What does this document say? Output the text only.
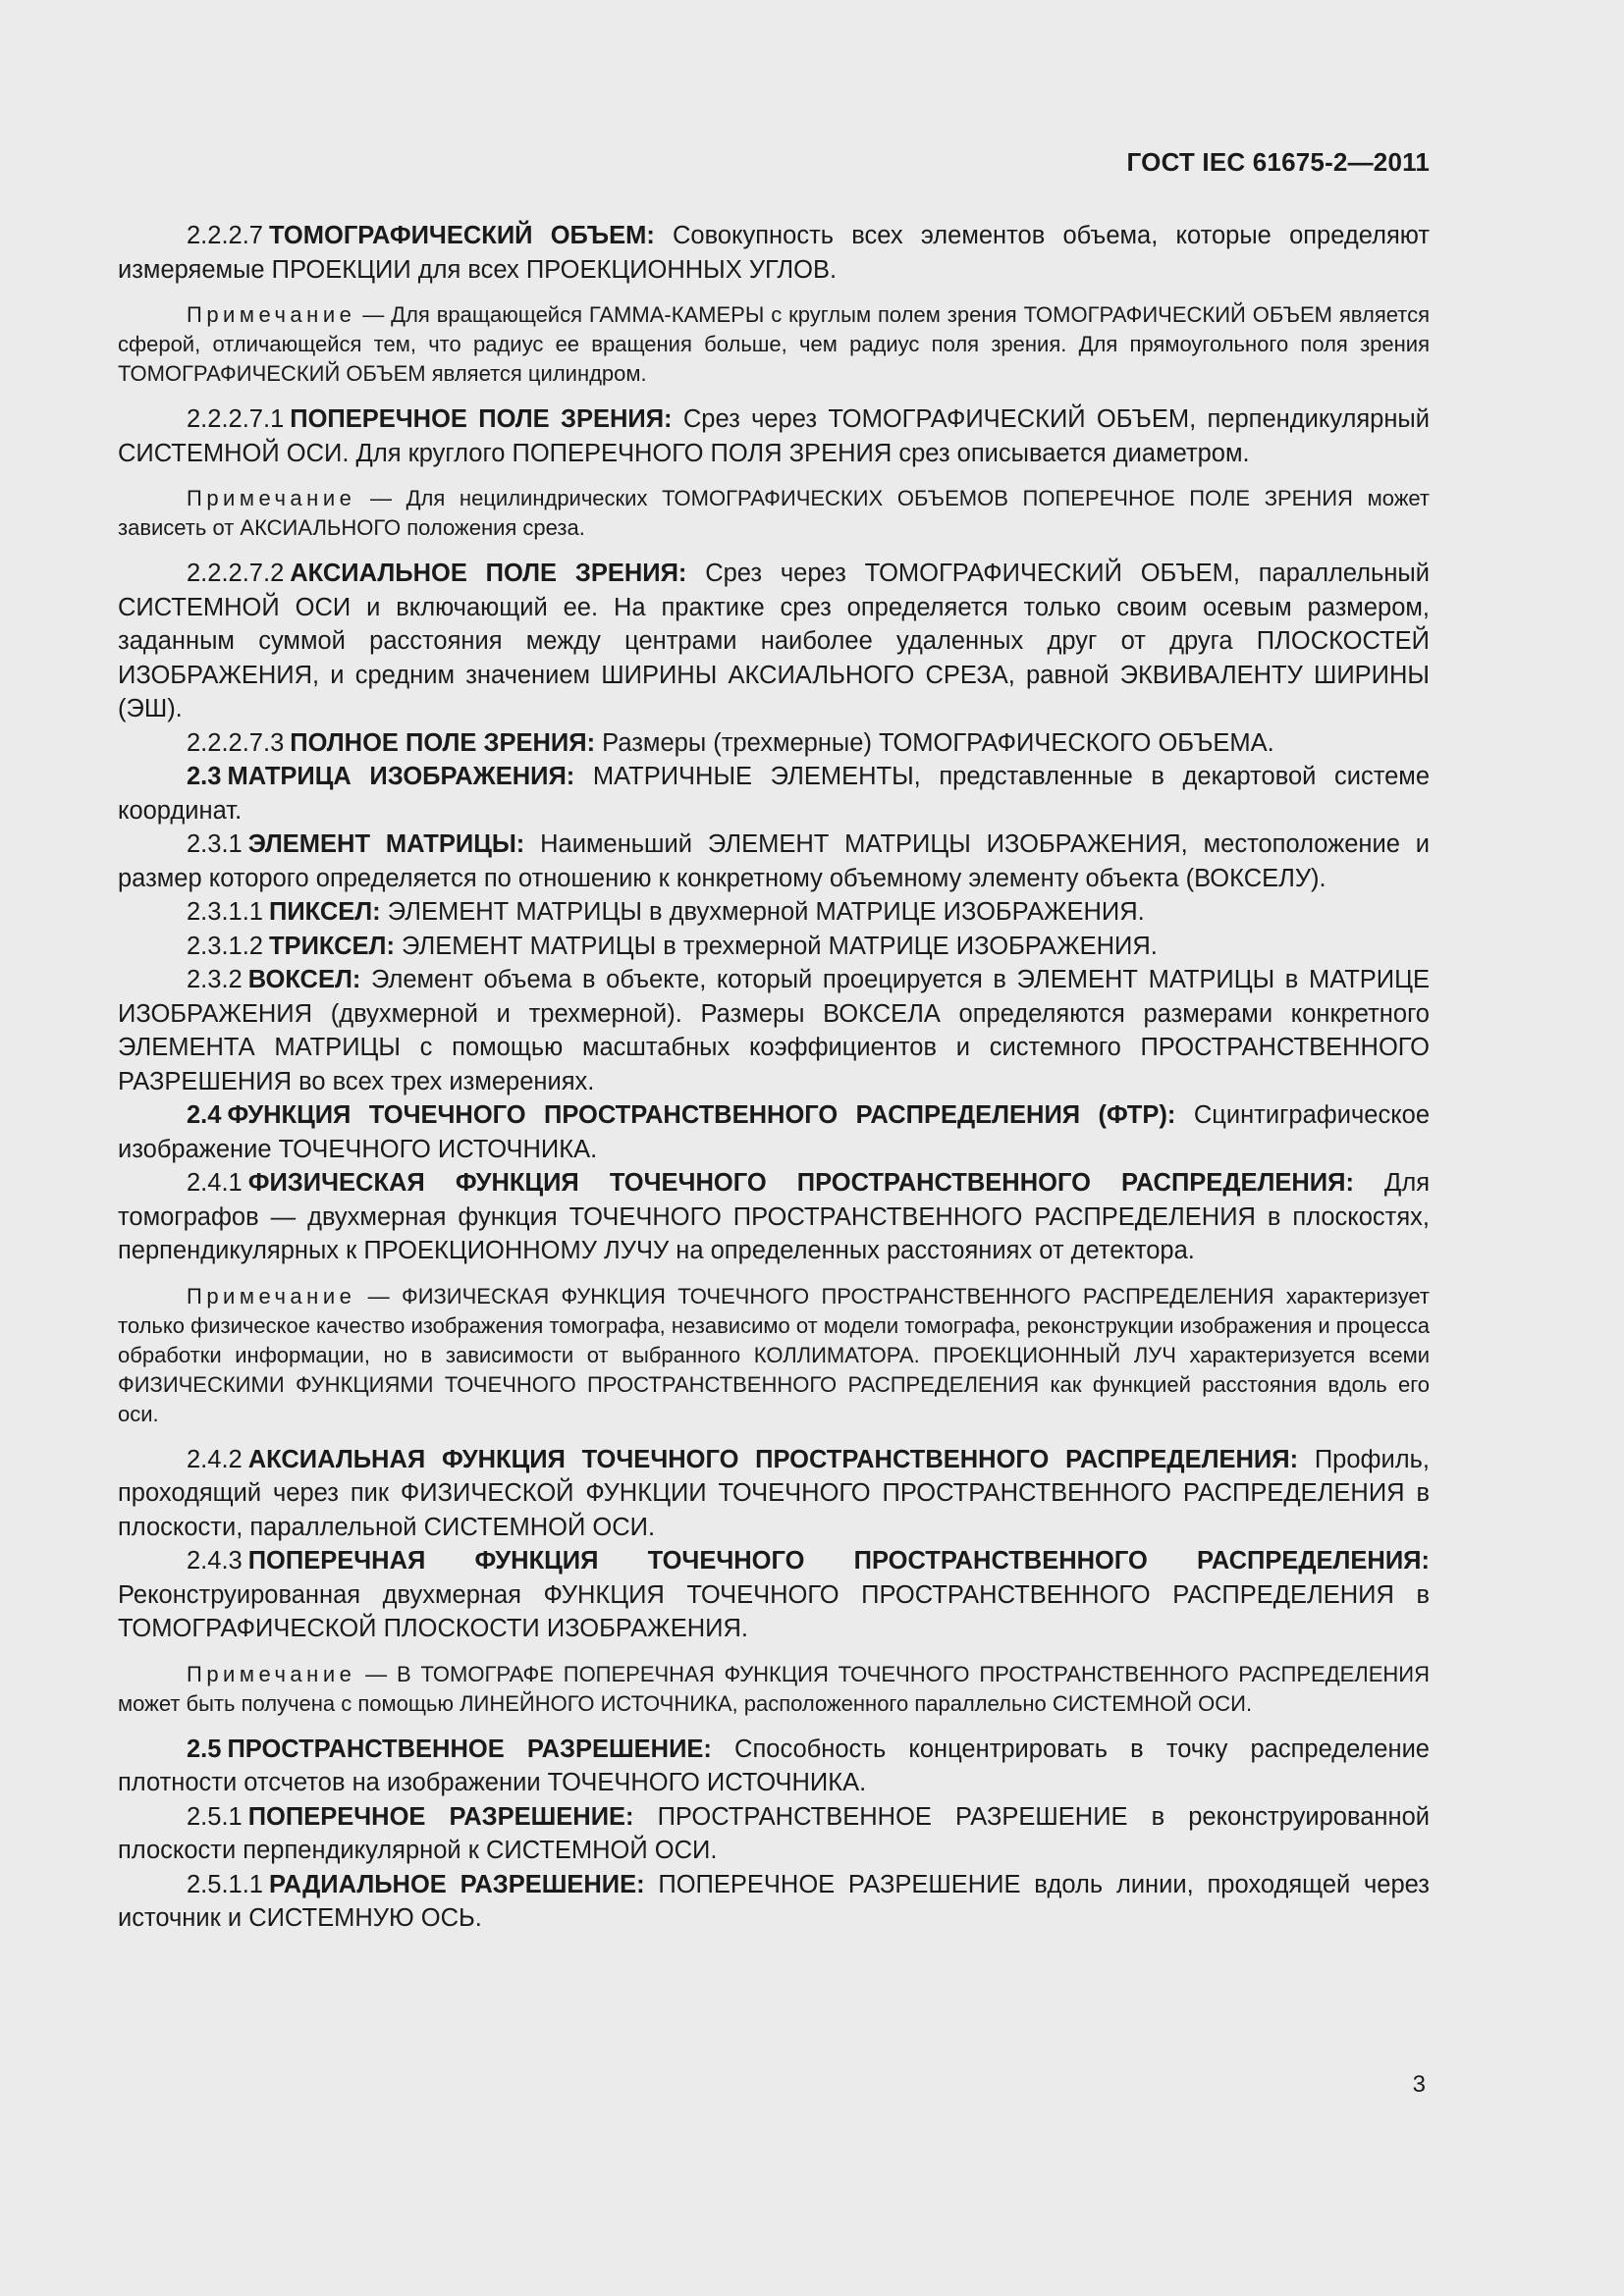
ГОСТ IEC 61675-2—2011

2.2.2.7 ТОМОГРАФИЧЕСКИЙ ОБЪЕМ: Совокупность всех элементов объема, которые определяют измеряемые ПРОЕКЦИИ для всех ПРОЕКЦИОННЫХ УГЛОВ.

Примечание — Для вращающейся ГАММА-КАМЕРЫ с круглым полем зрения ТОМОГРАФИЧЕСКИЙ ОБЪЕМ является сферой, отличающейся тем, что радиус ее вращения больше, чем радиус поля зрения. Для прямоугольного поля зрения ТОМОГРАФИЧЕСКИЙ ОБЪЕМ является цилиндром.

2.2.2.7.1 ПОПЕРЕЧНОЕ ПОЛЕ ЗРЕНИЯ: Срез через ТОМОГРАФИЧЕСКИЙ ОБЪЕМ, перпендикулярный СИСТЕМНОЙ ОСИ. Для круглого ПОПЕРЕЧНОГО ПОЛЯ ЗРЕНИЯ срез описывается диаметром.

Примечание — Для нецилиндрических ТОМОГРАФИЧЕСКИХ ОБЪЕМОВ ПОПЕРЕЧНОЕ ПОЛЕ ЗРЕНИЯ может зависеть от АКСИАЛЬНОГО положения среза.

2.2.2.7.2 АКСИАЛЬНОЕ ПОЛЕ ЗРЕНИЯ: Срез через ТОМОГРАФИЧЕСКИЙ ОБЪЕМ, параллельный СИСТЕМНОЙ ОСИ и включающий ее. На практике срез определяется только своим осевым размером, заданным суммой расстояния между центрами наиболее удаленных друг от друга ПЛОСКОСТЕЙ ИЗОБРАЖЕНИЯ, и средним значением ШИРИНЫ АКСИАЛЬНОГО СРЕЗА, равной ЭКВИВАЛЕНТУ ШИРИНЫ (ЭШ).

2.2.2.7.3 ПОЛНОЕ ПОЛЕ ЗРЕНИЯ: Размеры (трехмерные) ТОМОГРАФИЧЕСКОГО ОБЪЕМА.

2.3 МАТРИЦА ИЗОБРАЖЕНИЯ: МАТРИЧНЫЕ ЭЛЕМЕНТЫ, представленные в декартовой системе координат.

2.3.1 ЭЛЕМЕНТ МАТРИЦЫ: Наименьший ЭЛЕМЕНТ МАТРИЦЫ ИЗОБРАЖЕНИЯ, местоположение и размер которого определяется по отношению к конкретному объемному элементу объекта (ВОКСЕЛУ).

2.3.1.1 ПИКСЕЛ: ЭЛЕМЕНТ МАТРИЦЫ в двухмерной МАТРИЦЕ ИЗОБРАЖЕНИЯ.

2.3.1.2 ТРИКСЕЛ: ЭЛЕМЕНТ МАТРИЦЫ в трехмерной МАТРИЦЕ ИЗОБРАЖЕНИЯ.

2.3.2 ВОКСЕЛ: Элемент объема в объекте, который проецируется в ЭЛЕМЕНТ МАТРИЦЫ в МАТРИЦЕ ИЗОБРАЖЕНИЯ (двухмерной и трехмерной). Размеры ВОКСЕЛА определяются размерами конкретного ЭЛЕМЕНТА МАТРИЦЫ с помощью масштабных коэффициентов и системного ПРОСТРАНСТВЕННОГО РАЗРЕШЕНИЯ во всех трех измерениях.

2.4 ФУНКЦИЯ ТОЧЕЧНОГО ПРОСТРАНСТВЕННОГО РАСПРЕДЕЛЕНИЯ (ФТР): Сцинтиграфическое изображение ТОЧЕЧНОГО ИСТОЧНИКА.

2.4.1 ФИЗИЧЕСКАЯ ФУНКЦИЯ ТОЧЕЧНОГО ПРОСТРАНСТВЕННОГО РАСПРЕДЕЛЕНИЯ: Для томографов — двухмерная функция ТОЧЕЧНОГО ПРОСТРАНСТВЕННОГО РАСПРЕДЕЛЕНИЯ в плоскостях, перпендикулярных к ПРОЕКЦИОННОМУ ЛУЧУ на определенных расстояниях от детектора.

Примечание — ФИЗИЧЕСКАЯ ФУНКЦИЯ ТОЧЕЧНОГО ПРОСТРАНСТВЕННОГО РАСПРЕДЕЛЕНИЯ характеризует только физическое качество изображения томографа, независимо от модели томографа, реконструкции изображения и процесса обработки информации, но в зависимости от выбранного КОЛЛИМАТОРА. ПРОЕКЦИОННЫЙ ЛУЧ характеризуется всеми ФИЗИЧЕСКИМИ ФУНКЦИЯМИ ТОЧЕЧНОГО ПРОСТРАНСТВЕННОГО РАСПРЕДЕЛЕНИЯ как функцией расстояния вдоль его оси.

2.4.2 АКСИАЛЬНАЯ ФУНКЦИЯ ТОЧЕЧНОГО ПРОСТРАНСТВЕННОГО РАСПРЕДЕЛЕНИЯ: Профиль, проходящий через пик ФИЗИЧЕСКОЙ ФУНКЦИИ ТОЧЕЧНОГО ПРОСТРАНСТВЕННОГО РАСПРЕДЕЛЕНИЯ в плоскости, параллельной СИСТЕМНОЙ ОСИ.

2.4.3 ПОПЕРЕЧНАЯ ФУНКЦИЯ ТОЧЕЧНОГО ПРОСТРАНСТВЕННОГО РАСПРЕДЕЛЕНИЯ: Реконструированная двухмерная ФУНКЦИЯ ТОЧЕЧНОГО ПРОСТРАНСТВЕННОГО РАСПРЕДЕЛЕНИЯ в ТОМОГРАФИЧЕСКОЙ ПЛОСКОСТИ ИЗОБРАЖЕНИЯ.

Примечание — В ТОМОГРАФЕ ПОПЕРЕЧНАЯ ФУНКЦИЯ ТОЧЕЧНОГО ПРОСТРАНСТВЕННОГО РАСПРЕДЕЛЕНИЯ может быть получена с помощью ЛИНЕЙНОГО ИСТОЧНИКА, расположенного параллельно СИСТЕМНОЙ ОСИ.

2.5 ПРОСТРАНСТВЕННОЕ РАЗРЕШЕНИЕ: Способность концентрировать в точку распределение плотности отсчетов на изображении ТОЧЕЧНОГО ИСТОЧНИКА.

2.5.1 ПОПЕРЕЧНОЕ РАЗРЕШЕНИЕ: ПРОСТРАНСТВЕННОЕ РАЗРЕШЕНИЕ в реконструированной плоскости перпендикулярной к СИСТЕМНОЙ ОСИ.

2.5.1.1 РАДИАЛЬНОЕ РАЗРЕШЕНИЕ: ПОПЕРЕЧНОЕ РАЗРЕШЕНИЕ вдоль линии, проходящей через источник и СИСТЕМНУЮ ОСЬ.

3
